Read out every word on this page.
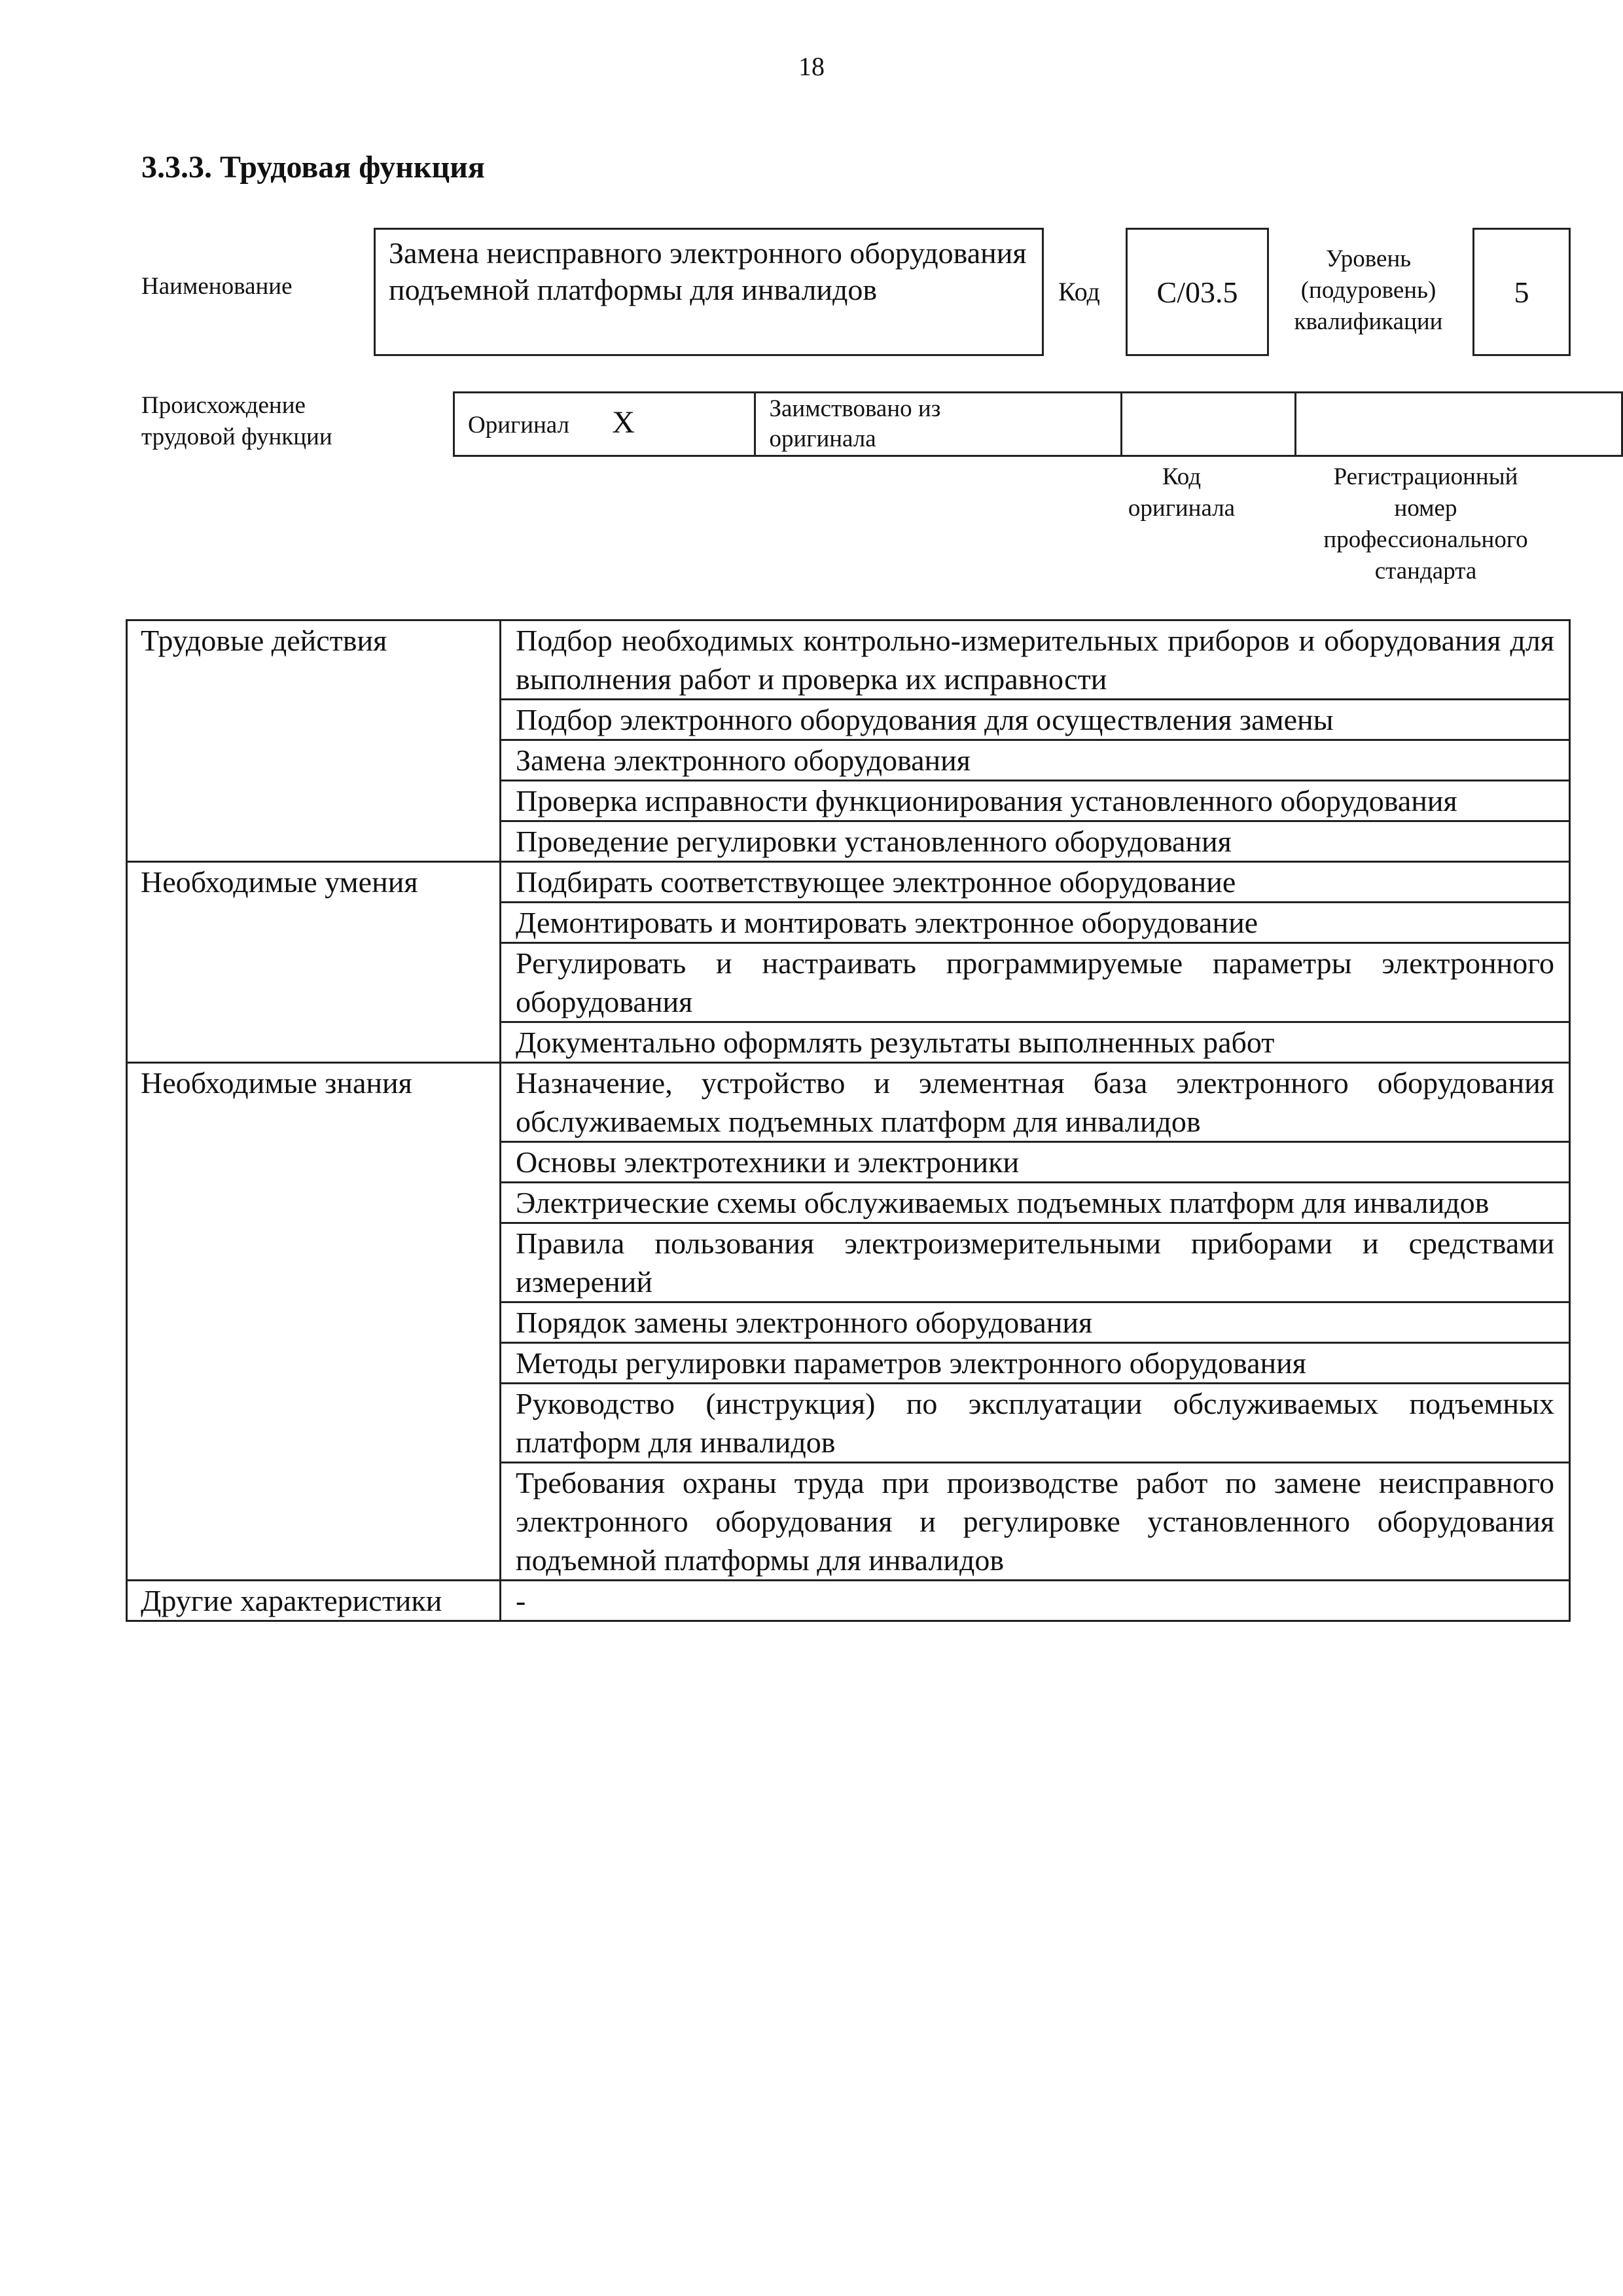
18
3.3.3. Трудовая функция
Наименование
Замена неисправного электронного оборудования подъемной платформы для инвалидов	Код С/03.5
Уровень
(подуровень)
квалификации
5
Происхождение
трудовой функции	Оригинал X	Заимствовано из
оригинала

Код
оригинала
Регистрационный
номер
профессионального
стандарта
Трудовые действия	Подбор необходимых контрольно-измерительных приборов и оборудования для выполнения работ и проверка их исправности
	Подбор электронного оборудования для осуществления замены
	Замена электронного оборудования
	Проверка исправности функционирования установленного оборудования
	Проведение регулировки установленного оборудования
Необходимые умения	Подбирать соответствующее электронное оборудование
	Демонтировать и монтировать электронное оборудование
	Регулировать и настраивать программируемые параметры электронного оборудования
	Документально оформлять результаты выполненных работ
Необходимые знания	Назначение, устройство и элементная база электронного оборудования обслуживаемых подъемных платформ для инвалидов
	Основы электротехники и электроники
	Электрические схемы обслуживаемых подъемных платформ для инвалидов
	Правила пользования электроизмерительными приборами и средствами измерений
	Порядок замены электронного оборудования
	Методы регулировки параметров электронного оборудования
	Руководство (инструкция) по эксплуатации обслуживаемых подъемных платформ для инвалидов
	Требования охраны труда при производстве работ по замене неисправного электронного оборудования и регулировке установленного оборудования подъемной платформы для инвалидов
Другие характеристики	-
